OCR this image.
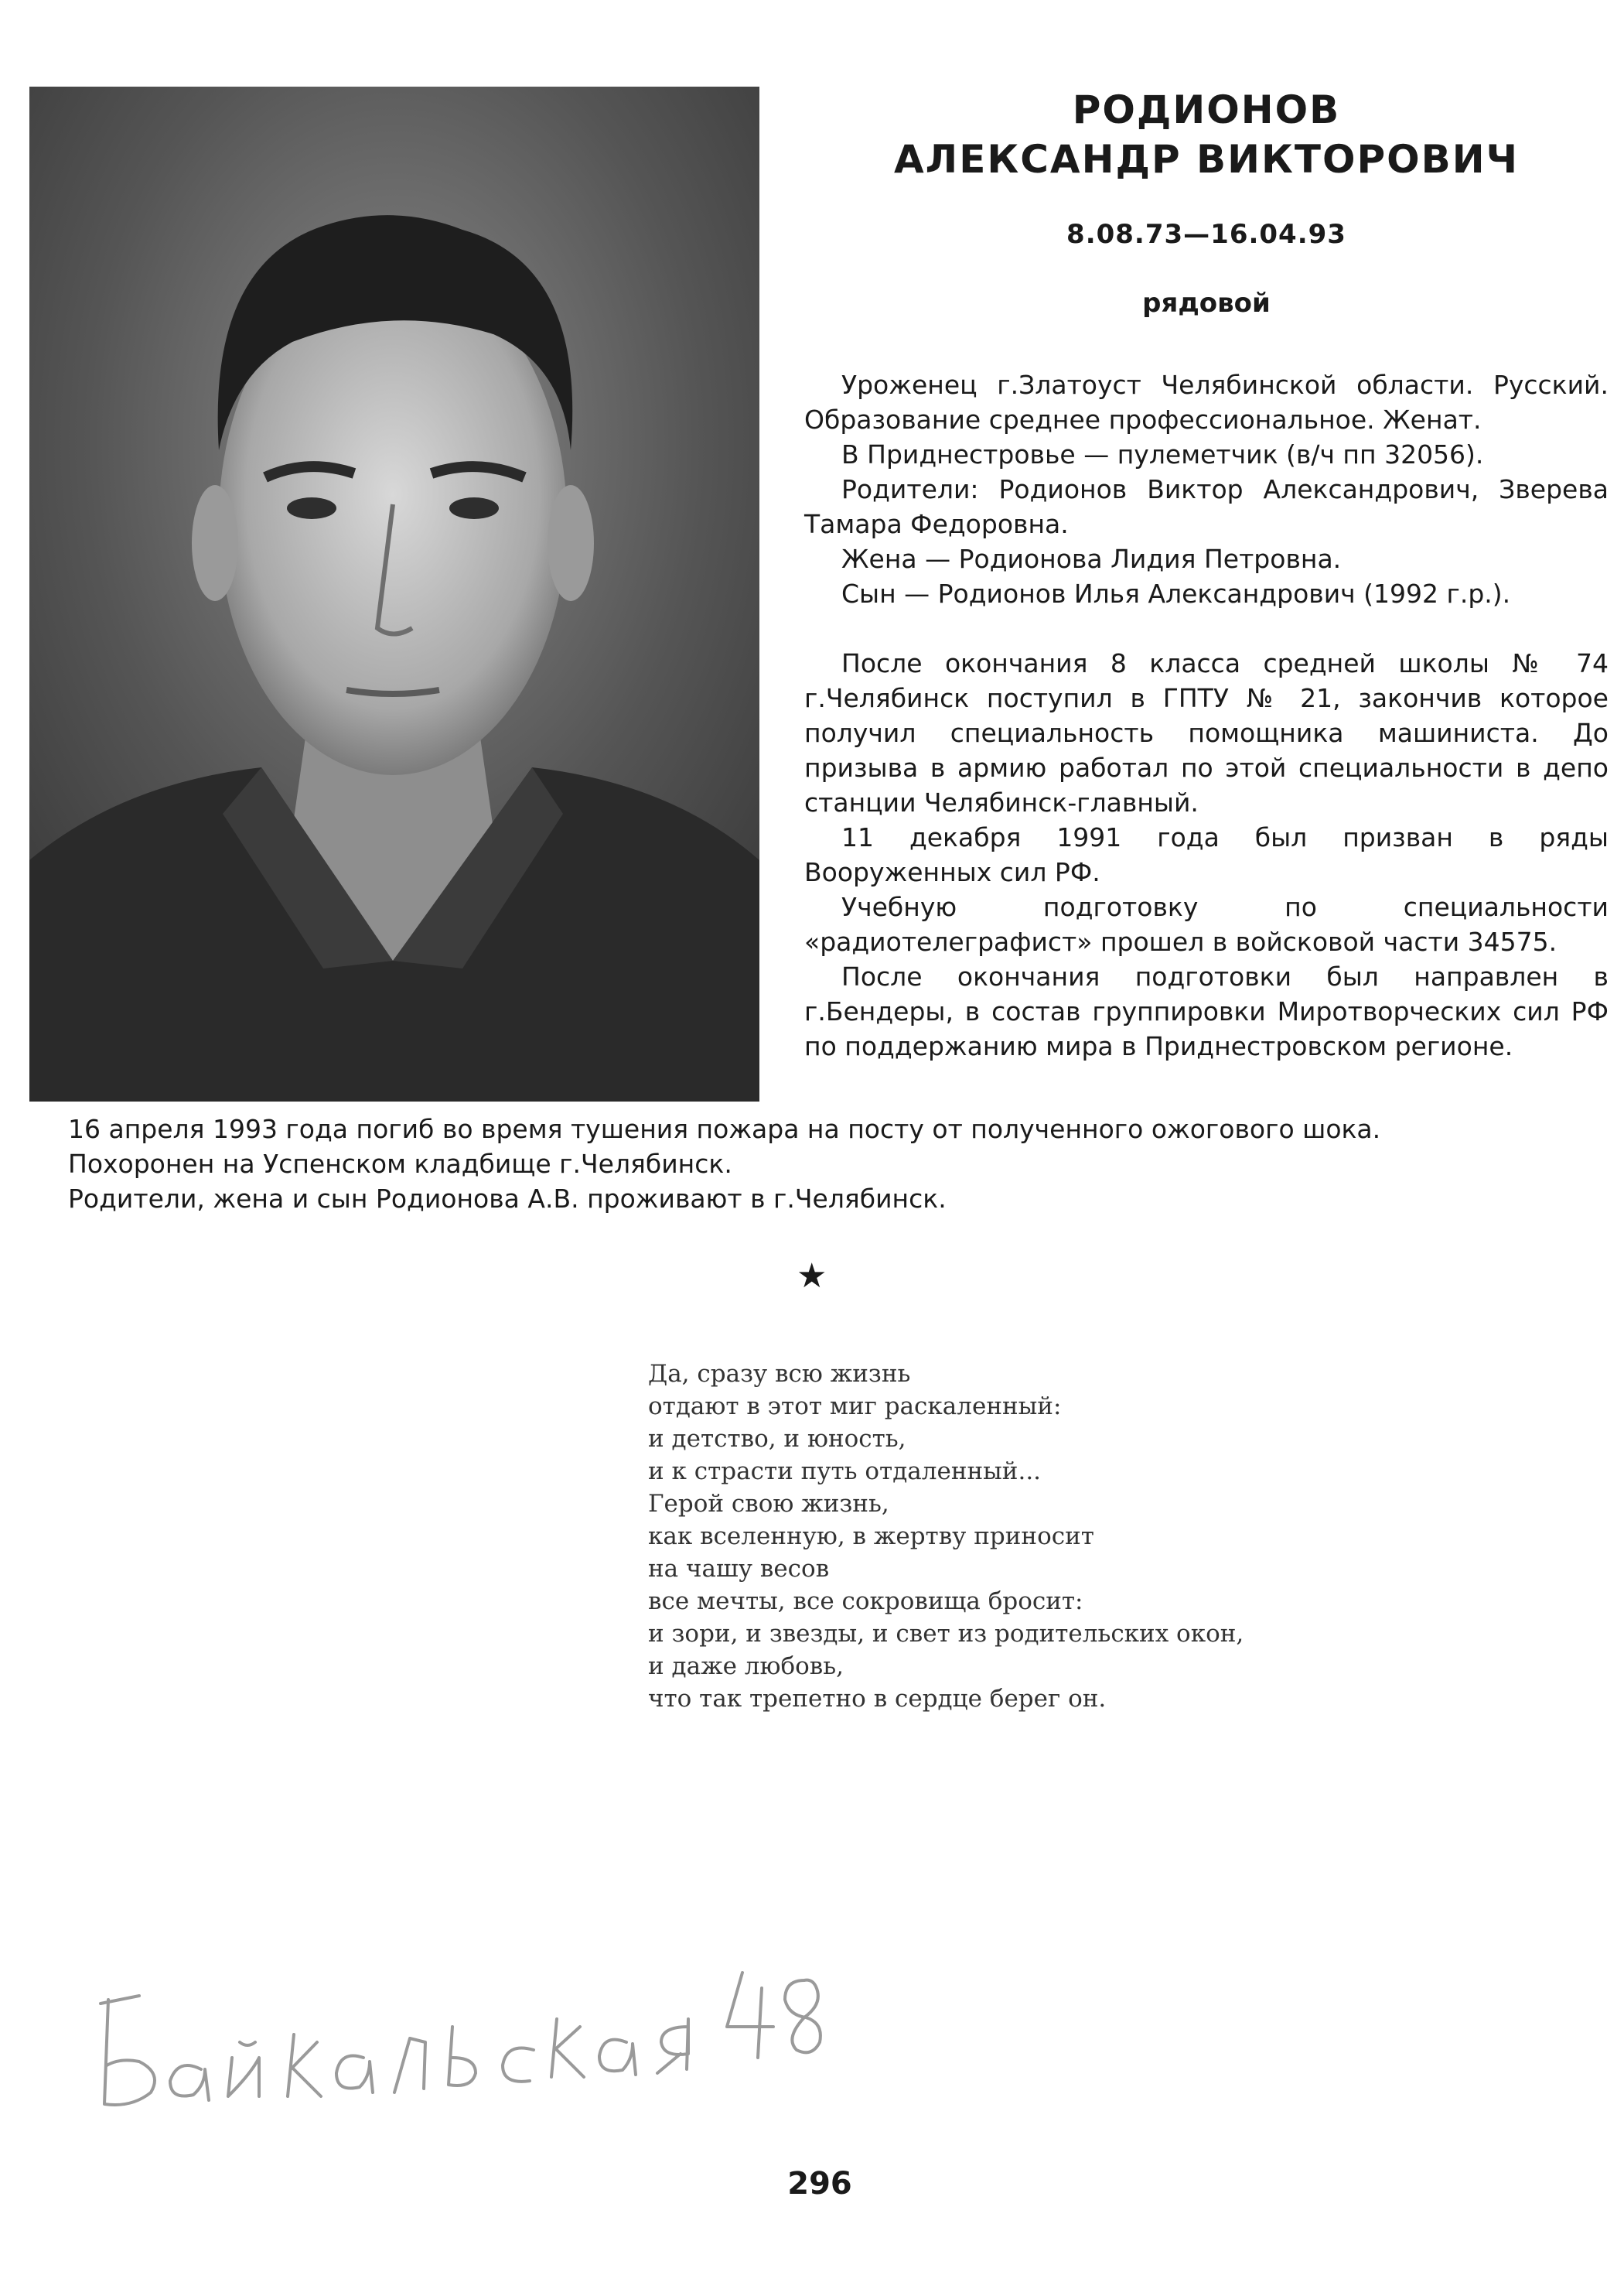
РОДИОНОВ
АЛЕКСАНДР ВИКТОРОВИЧ
8.08.73—16.04.93
рядовой

Уроженец г.Златоуст Челябинской области. Русский. Образование среднее профессиональное. Женат.

В Приднестровье — пулеметчик (в/ч пп 32056).

Родители: Родионов Виктор Александрович, Зверева Тамара Федоровна.

Жена — Родионова Лидия Петровна.

Сын — Родионов Илья Александрович (1992 г.р.).

После окончания 8 класса средней школы № 74 г.Челябинск поступил в ГПТУ № 21, закончив которое получил специальность помощника машиниста. До призыва в армию работал по этой специальности в депо станции Челябинск-главный.

11 декабря 1991 года был призван в ряды Вооруженных сил РФ.

Учебную подготовку по специальности «радиотелеграфист» прошел в войсковой части 34575.

После окончания подготовки был направлен в г.Бендеры, в состав группировки Миротворческих сил РФ по поддержанию мира в Приднестровском регионе.

16 апреля 1993 года погиб во время тушения пожара на посту от полученного ожогового шока.

Похоронен на Успенском кладбище г.Челябинск.

Родители, жена и сын Родионова А.В. проживают в г.Челябинск.

★

Да, сразу всю жизнь

отдают в этот миг раскаленный:

и детство, и юность,

и к страсти путь отдаленный...

Герой свою жизнь,

как вселенную, в жертву приносит

на чашу весов

все мечты, все сокровища бросит:

и зори, и звезды, и свет из родительских окон,

и даже любовь,

что так трепетно в сердце берег он.

296
